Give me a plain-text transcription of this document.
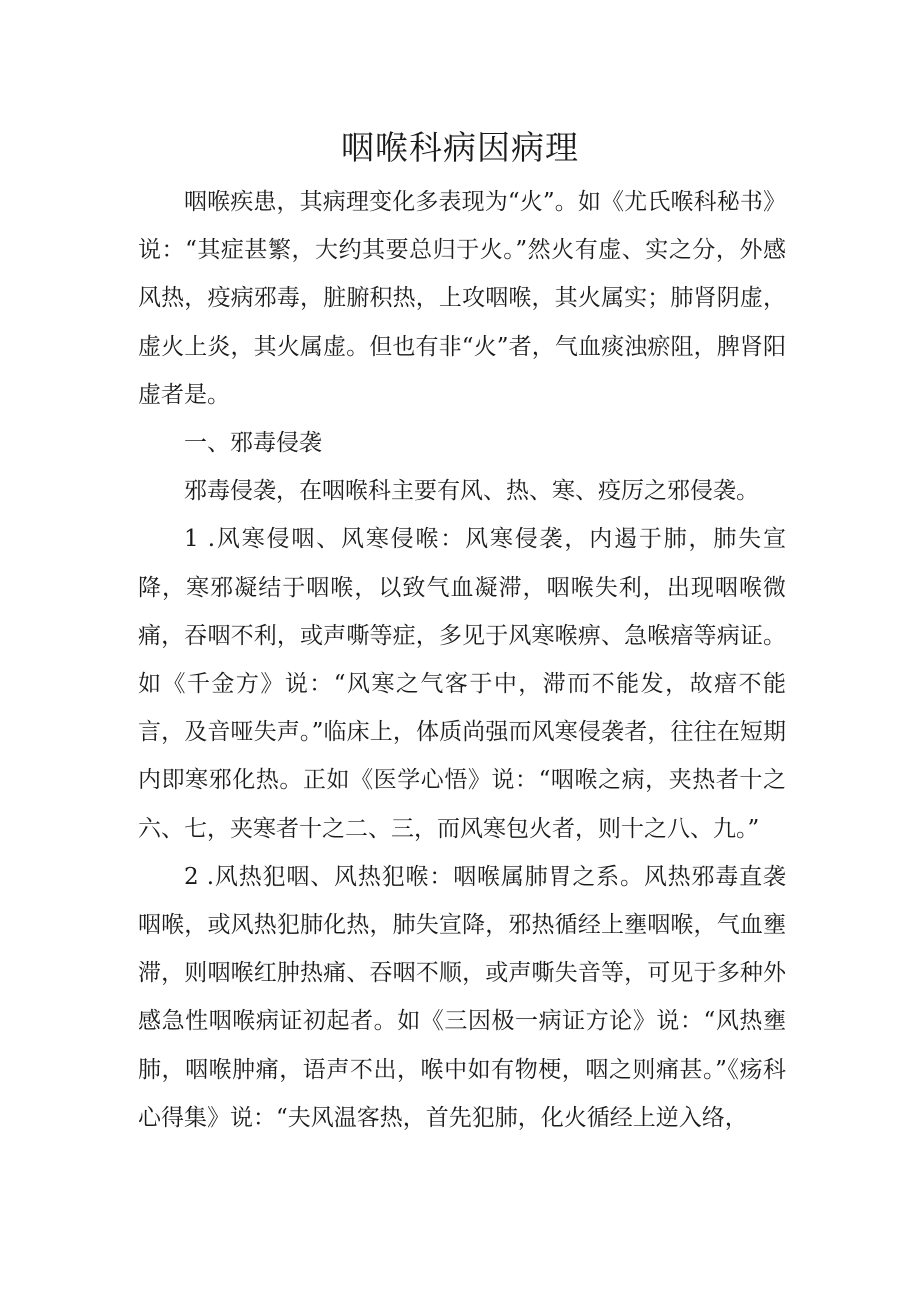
咽喉科病因病理

咽喉疾患，其病理变化多表现为“火”。如《尤氏喉科秘书》说：“其症甚繁，大约其要总归于火。”然火有虚、实之分，外感风热，疫病邪毒，脏腑积热，上攻咽喉，其火属实；肺肾阴虚，虚火上炎，其火属虚。但也有非“火”者，气血痰浊瘀阻，脾肾阳虚者是。

一、邪毒侵袭

邪毒侵袭，在咽喉科主要有风、热、寒、疫厉之邪侵袭。

1 .风寒侵咽、风寒侵喉：风寒侵袭，内遏于肺，肺失宣降，寒邪凝结于咽喉，以致气血凝滞，咽喉失利，出现咽喉微痛，吞咽不利，或声嘶等症，多见于风寒喉痹、急喉瘖等病证。如《千金方》说：“风寒之气客于中，滞而不能发，故瘖不能言，及音哑失声。”临床上，体质尚强而风寒侵袭者，往往在短期内即寒邪化热。正如《医学心悟》说：“咽喉之病，夹热者十之六、七，夹寒者十之二、三，而风寒包火者，则十之八、九。”

2 .风热犯咽、风热犯喉：咽喉属肺胃之系。风热邪毒直袭咽喉，或风热犯肺化热，肺失宣降，邪热循经上壅咽喉，气血壅滞，则咽喉红肿热痛、吞咽不顺，或声嘶失音等，可见于多种外感急性咽喉病证初起者。如《三因极一病证方论》说：“风热壅肺，咽喉肿痛，语声不出，喉中如有物梗，咽之则痛甚。”《疡科心得集》说：“夫风温客热，首先犯肺，化火循经上逆入络，
